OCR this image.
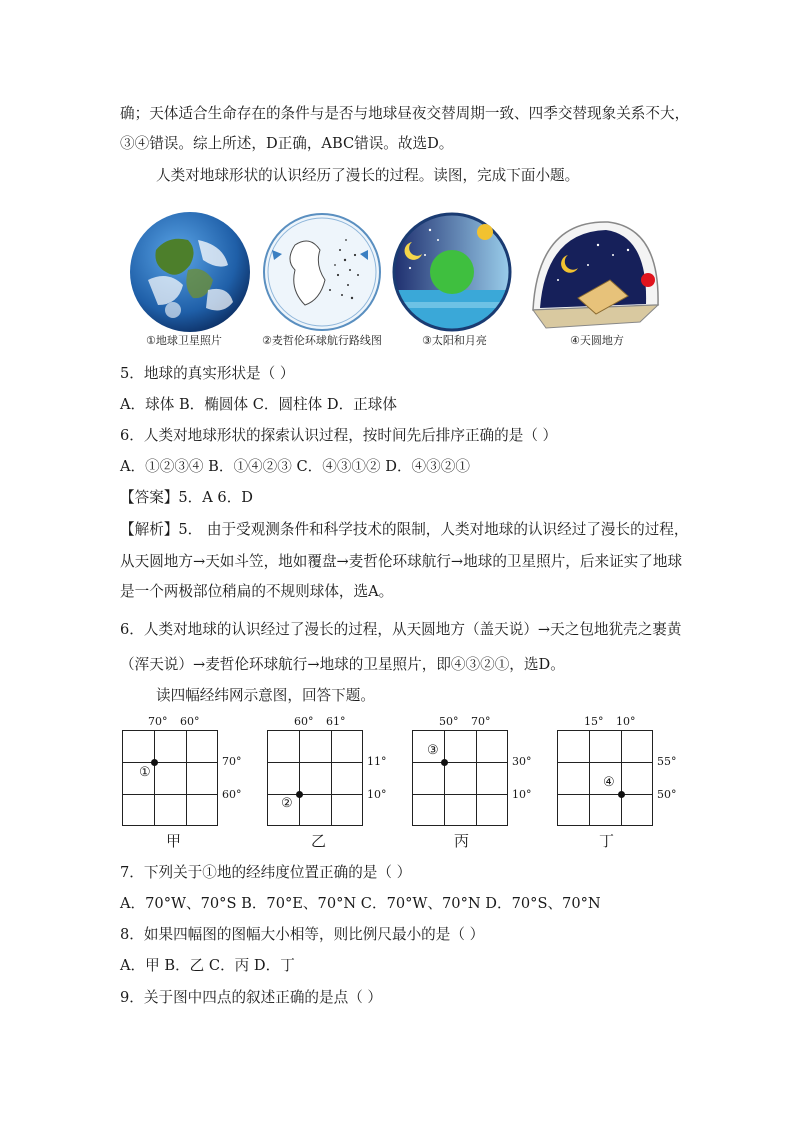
确；天体适合生命存在的条件与是否与地球昼夜交替周期一致、四季交替现象关系不大，
③④错误。综上所述，D正确，ABC错误。故选D。
人类对地球形状的认识经历了漫长的过程。读图，完成下面小题。
①地球卫星照片	②麦哲伦环球航行路线图	③太阳和月亮	④天圆地方
5．地球的真实形状是（ ）
A．球体 B．椭圆体 C．圆柱体 D．正球体
6．人类对地球形状的探索认识过程，按时间先后排序正确的是（ ）
A．①②③④ B．①④②③ C．④③①② D．④③②①
【答案】5．A 6．D
【解析】5． 由于受观测条件和科学技术的限制，人类对地球的认识经过了漫长的过程，
从天圆地方→天如斗笠，地如覆盘→麦哲伦环球航行→地球的卫星照片，后来证实了地球
是一个两极部位稍扁的不规则球体，选A。
6．人类对地球的认识经过了漫长的过程，从天圆地方（盖天说）→天之包地犹壳之裹黄
（浑天说）→麦哲伦环球航行→地球的卫星照片，即④③②①，选D。
读四幅经纬网示意图，回答下题。
70° 60°
①
70°
60°
甲
60° 61°
②
11°
10°
乙
50° 70°
③
30°
10°
丙
15° 10°
④
55°
50°
丁
7．下列关于①地的经纬度位置正确的是（ ）
A．70°W、70°S B．70°E、70°N C．70°W、70°N D．70°S、70°N
8．如果四幅图的图幅大小相等，则比例尺最小的是（ ）
A．甲 B．乙 C．丙 D．丁
9．关于图中四点的叙述正确的是点（ ）
